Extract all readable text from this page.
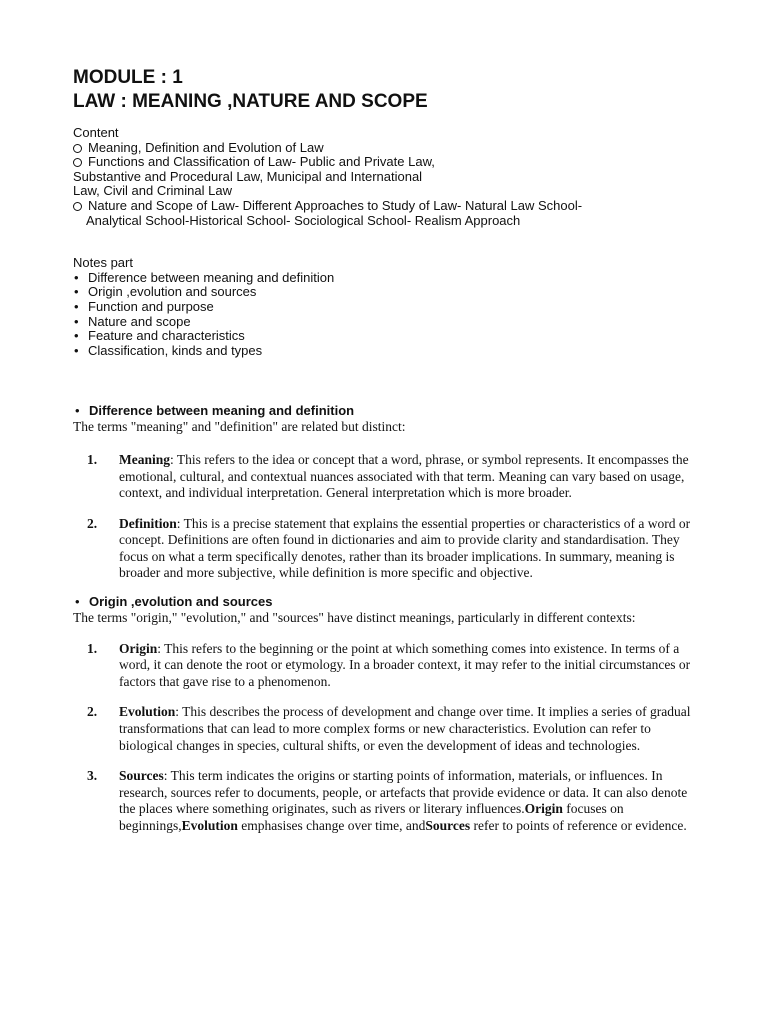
MODULE : 1
LAW : MEANING ,NATURE AND SCOPE
Content
Meaning, Definition and Evolution of Law
Functions and Classification of Law- Public and Private Law,
Substantive and Procedural Law, Municipal and International
Law, Civil and Criminal Law
Nature and Scope of Law- Different Approaches to Study of Law- Natural Law School-
Analytical School-Historical School- Sociological School- Realism Approach
Notes part
• Difference between meaning and definition
• Origin ,evolution and sources
• Function and purpose
• Nature and scope
• Feature and characteristics
• Classification, kinds and types
• Difference between meaning and definition
The terms "meaning" and "definition" are related but distinct:
1. Meaning: This refers to the idea or concept that a word, phrase, or symbol represents. It encompasses the emotional, cultural, and contextual nuances associated with that term. Meaning can vary based on usage, context, and individual interpretation. General interpretation which is more broader.
2. Definition: This is a precise statement that explains the essential properties or characteristics of a word or concept. Definitions are often found in dictionaries and aim to provide clarity and standardisation. They focus on what a term specifically denotes, rather than its broader implications. In summary, meaning is broader and more subjective, while definition is more specific and objective.
• Origin ,evolution and sources
The terms "origin," "evolution," and "sources" have distinct meanings, particularly in different contexts:
1. Origin: This refers to the beginning or the point at which something comes into existence. In terms of a word, it can denote the root or etymology. In a broader context, it may refer to the initial circumstances or factors that gave rise to a phenomenon.
2. Evolution: This describes the process of development and change over time. It implies a series of gradual transformations that can lead to more complex forms or new characteristics. Evolution can refer to biological changes in species, cultural shifts, or even the development of ideas and technologies.
3. Sources: This term indicates the origins or starting points of information, materials, or influences. In research, sources refer to documents, people, or artefacts that provide evidence or data. It can also denote the places where something originates, such as rivers or literary influences.Origin focuses on beginnings,Evolution emphasises change over time, andSources refer to points of reference or evidence.
